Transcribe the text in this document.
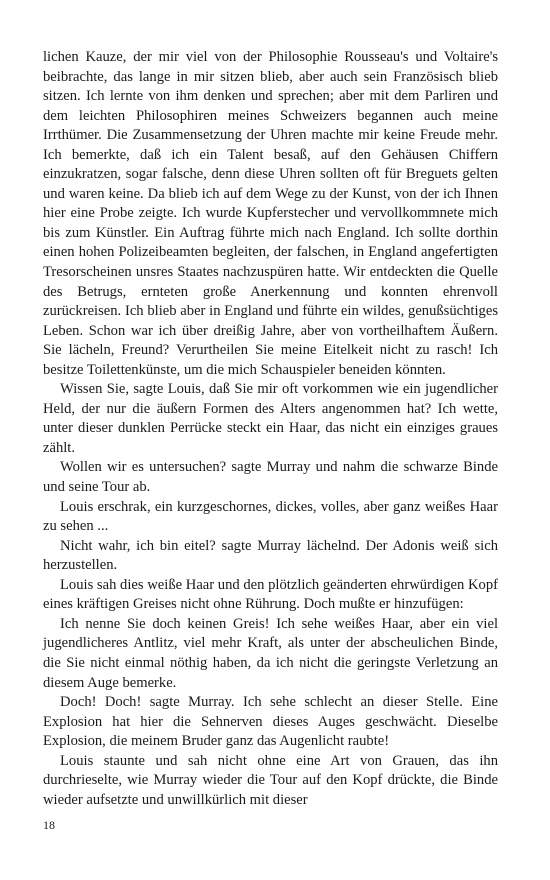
lichen Kauze, der mir viel von der Philosophie Rousseau's und Voltaire's beibrachte, das lange in mir sitzen blieb, aber auch sein Französisch blieb sitzen. Ich lernte von ihm denken und sprechen; aber mit dem Parliren und dem leichten Philosophiren meines Schweizers begannen auch meine Irrthümer. Die Zusammensetzung der Uhren machte mir keine Freude mehr. Ich bemerkte, daß ich ein Talent besaß, auf den Gehäusen Chiffern einzukratzen, sogar falsche, denn diese Uhren sollten oft für Breguets gelten und waren keine. Da blieb ich auf dem Wege zu der Kunst, von der ich Ihnen hier eine Probe zeigte. Ich wurde Kupferstecher und vervollkommnete mich bis zum Künstler. Ein Auftrag führte mich nach England. Ich sollte dorthin einen hohen Polizeibeamten begleiten, der falschen, in England angefertigten Tresorscheinen unsres Staates nachzuspüren hatte. Wir entdeckten die Quelle des Betrugs, ernteten große Anerkennung und konnten ehrenvoll zurückreisen. Ich blieb aber in England und führte ein wildes, genußsüchtiges Leben. Schon war ich über dreißig Jahre, aber von vortheilhaftem Äußern. Sie lächeln, Freund? Verurtheilen Sie meine Eitelkeit nicht zu rasch! Ich besitze Toilettenkünste, um die mich Schauspieler beneiden könnten.

Wissen Sie, sagte Louis, daß Sie mir oft vorkommen wie ein jugendlicher Held, der nur die äußern Formen des Alters angenommen hat? Ich wette, unter dieser dunklen Perrücke steckt ein Haar, das nicht ein einziges graues zählt.

Wollen wir es untersuchen? sagte Murray und nahm die schwarze Binde und seine Tour ab.

Louis erschrak, ein kurzgeschornes, dickes, volles, aber ganz weißes Haar zu sehen ...

Nicht wahr, ich bin eitel? sagte Murray lächelnd. Der Adonis weiß sich herzustellen.

Louis sah dies weiße Haar und den plötzlich geänderten ehrwürdigen Kopf eines kräftigen Greises nicht ohne Rührung. Doch mußte er hinzufügen:

Ich nenne Sie doch keinen Greis! Ich sehe weißes Haar, aber ein viel jugendlicheres Antlitz, viel mehr Kraft, als unter der abscheulichen Binde, die Sie nicht einmal nöthig haben, da ich nicht die geringste Verletzung an diesem Auge bemerke.

Doch! Doch! sagte Murray. Ich sehe schlecht an dieser Stelle. Eine Explosion hat hier die Sehnerven dieses Auges geschwächt. Dieselbe Explosion, die meinem Bruder ganz das Augenlicht raubte!

Louis staunte und sah nicht ohne eine Art von Grauen, das ihn durchrieselte, wie Murray wieder die Tour auf den Kopf drückte, die Binde wieder aufsetzte und unwillkürlich mit dieser

18
